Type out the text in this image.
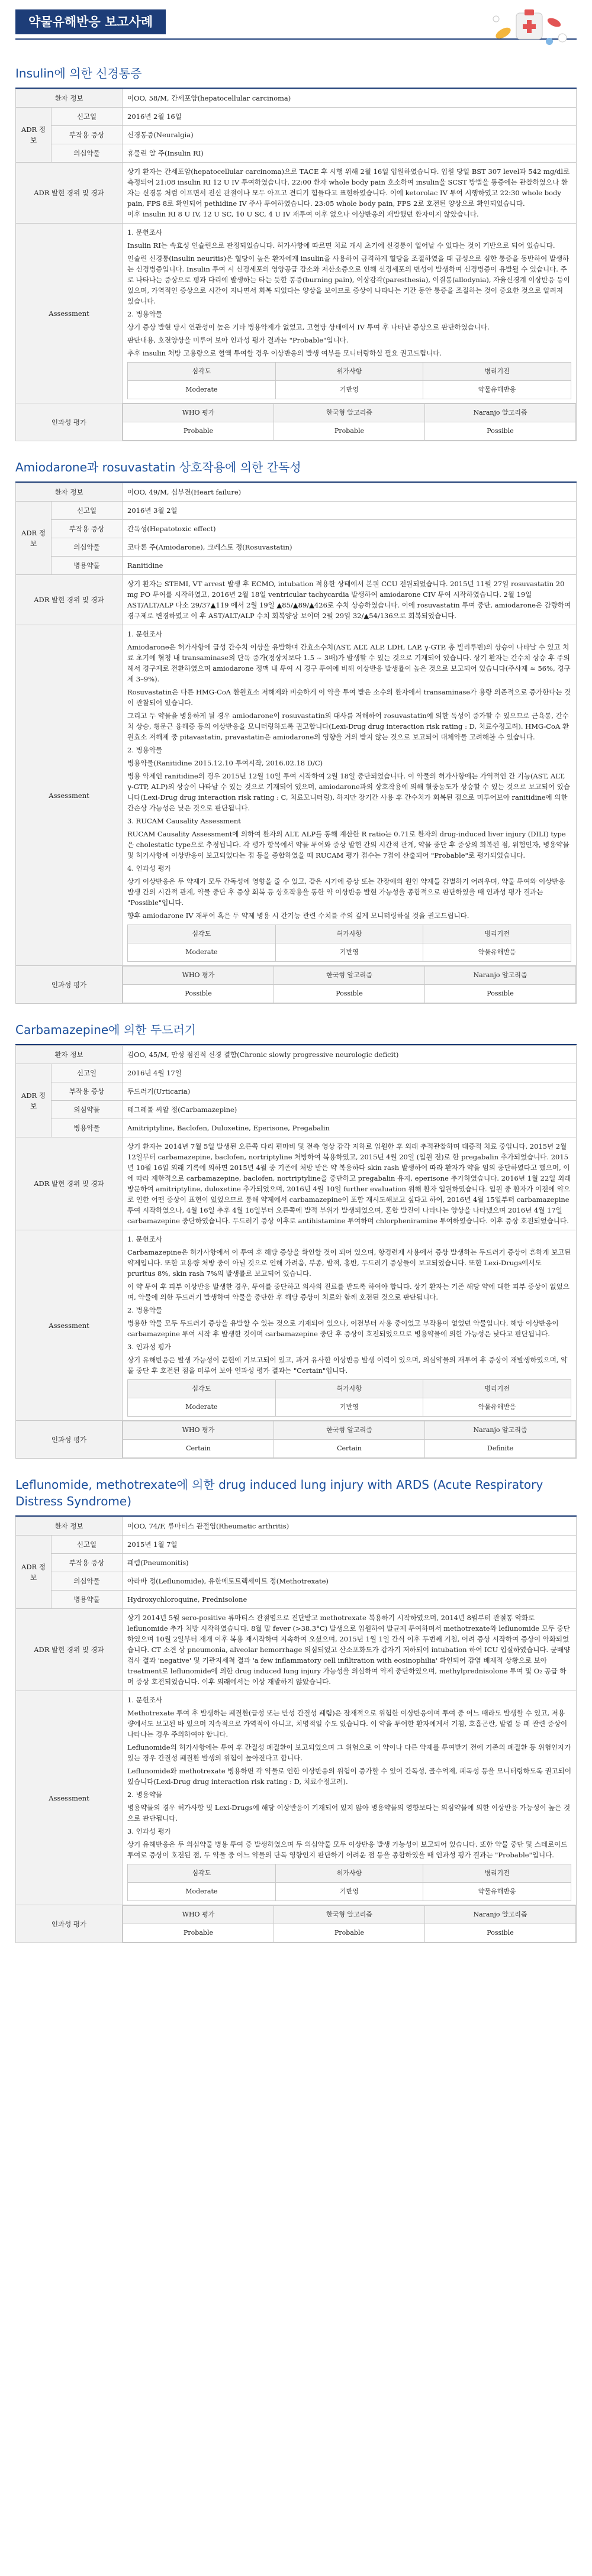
약물유해반응 보고사례
Insulin에 의한 신경통증
환자 정보	이OO, 58/M, 간세포암(hepatocellular carcinoma)
ADR 정보	신고일	2016년 2월 16일
부작용 증상	신경통증(Neuralgia)
의심약물	휴물린 알 주(Insulin RI)
ADR 발현 경위 및 경과	상기 환자는 간세포암(hepatocellular carcinoma)으로 TACE 후 시행 위해 2월 16일 입원하였습니다. 입원 당일 BST 307 level과 542 mg/dl로 측정되어 21:08 insulin RI 12 U IV 투여하였습니다. 22:00 환자 whole body pain 호소하여 insulin을 SCST 방법을 통증에는 관찰하였으나 환자는 신경통 처럼 이프면서 전신 관절이나 모두 아프고 견디기 힘들다고 표현하였습니다. 이에 ketorolac IV 투여 시행하였고 22:30 whole body pain, FPS 8로 확인되어 pethidine IV 주사 투여하였습니다. 23:05 whole body pain, FPS 2로 호전된 양상으로 확인되었습니다.
이후 insulin RI 8 U IV, 12 U SC, 10 U SC, 4 U IV 재투여 이후 없으나 이상반응의 재발했던 환자이지 않았습니다.
Assessment	

1. 문헌조사

Insulin RI는 속효성 인슐린으로 판정되었습니다. 허가사항에 따르면 치료 개시 초기에 신경통이 일어날 수 있다는 것이 기반으로 되어 있습니다.

인슐린 신경통(insulin neuritis)은 혈당이 높은 환자에게 insulin을 사용하여 급격하게 혈당을 조절하였을 때 급성으로 심한 통증을 동반하여 발생하는 신경병증입니다. Insulin 투여 시 신경세포의 영양공급 감소와 저산소증으로 인해 신경세포의 변성이 발생하여 신경병증이 유발될 수 있습니다. 주로 나타나는 증상으로 평과 다리에 발생하는 타는 듯한 통증(burning pain), 이상감각(paresthesia), 이질통(allodynia), 자율신경계 이상반응 등이 있으며, 가역적인 증상으로 시간이 지나면서 회복 되었다는 양상을 보이므로 증상이 나타나는 기간 동안 통증을 조절하는 것이 중요한 것으로 알려져 있습니다.

2. 병용약물

상기 증상 발현 당시 연관성이 높은 기타 병용약제가 없었고, 고혈당 상태에서 IV 투여 후 나타난 증상으로 판단하였습니다.

판단내용, 호전양상을 미루어 보아 인과성 평가 결과는 "Probable"입니다.

추후 insulin 처방 고용량으로 혈액 투여할 경우 이상반응의 발생 여부를 모니터링하실 필요 권고드립니다.

심각도	위가사항	병리기전
Moderate	기반영	약물유해반응

인과성 평가	
WHO 평가	한국형 알고리즘	Naranjo 알고리즘
Probable	Probable	Possible
Amiodarone과 rosuvastatin 상호작용에 의한 간독성
환자 정보	이OO, 49/M, 심부전(Heart failure)
ADR 정보	신고일	2016년 3월 2일
부작용 증상	간독성(Hepatotoxic effect)
의심약물	코다론 주(Amiodarone), 크레스토 정(Rosuvastatin)
병용약물	Ranitidine
ADR 발현 경위 및 경과	상기 환자는 STEMI, VT arrest 발생 후 ECMO, intubation 적용한 상태에서 본원 CCU 전원되었습니다. 2015년 11월 27일 rosuvastatin 20 mg PO 투여를 시작하였고, 2016년 2월 18일 ventricular tachycardia 발생하여 amiodarone CIV 투여 시작하였습니다. 2월 19일 AST/ALT/ALP 다소 29/37▲119 에서 2월 19일 ▲85/▲89/▲426로 수치 상승하였습니다. 이에 rosuvastatin 투여 중단, amiodarone은 감량하여 경구제로 변경하였고 이 후 AST/ALT/ALP 수치 회복양상 보이며 2월 29일 32/▲54/136으로 회복되었습니다.
Assessment	

1. 문헌조사

Amiodarone은 허가사항에 급성 간수치 이상을 유발하며 간효소수치(AST, ALT, ALP, LDH, LAP, γ-GTP, 총 빌리루빈)의 상승이 나타날 수 있고 치료 초기에 혈청 내 transaminase의 단독 증가(정상치보다 1.5 ~ 3배)가 발생할 수 있는 것으로 기재되어 있습니다. 상기 환자는 간수치 상승 후 주의해서 경구제로 전환하였으며 amiodarone 정맥 내 투여 시 경구 투여에 비해 이상반응 발생률이 높은 것으로 보고되어 있습니다(주사제 ≈ 56%, 경구제 3–9%).

Rosuvastatin은 다른 HMG-CoA 환원효소 저해제와 비슷하게 이 약을 투여 받은 소수의 환자에서 transaminase가 용량 의존적으로 증가한다는 것이 관찰되어 있습니다.

그리고 두 약물을 병용하게 될 경우 amiodarone이 rosuvastatin의 대사를 저해하여 rosuvastatin에 의한 독성이 증가할 수 있으므로 근육통, 간수치 상승, 횡문근 융해증 등의 이상반응을 모니터링하도록 권고합니다(Lexi-Drug drug interaction risk rating : D, 치료수정고려). HMG-CoA 환원효소 저해제 중 pitavastatin, pravastatin은 amiodarone의 영향을 거의 받지 않는 것으로 보고되어 대체약물 고려해볼 수 있습니다.

2. 병용약물

병용약물(Ranitidine 2015.12.10 투여시작, 2016.02.18 D/C)

병용 약제인 ranitidine의 경우 2015년 12월 10일 투여 시작하여 2월 18일 중단되었습니다. 이 약물의 허가사항에는 가역적인 간 기능(AST, ALT, γ-GTP, ALP)의 상승이 나타날 수 있는 것으로 기재되어 있으며, amiodarone과의 상호작용에 의해 혈중농도가 상승할 수 있는 것으로 보고되어 있습니다(Lexi-Drug drug interaction risk rating : C, 치료모니터링). 하지만 장기간 사용 후 간수치가 회복된 점으로 미루어보아 ranitidine에 의한 간손상 가능성은 낮은 것으로 판단됩니다.

3. RUCAM Causality Assessment

RUCAM Causality Assessment에 의하여 환자의 ALT, ALP를 통해 계산한 R ratio는 0.71로 환자의 drug-induced liver injury (DILI) type은 cholestatic type으로 추정됩니다. 각 평가 항목에서 약물 투여와 증상 발현 간의 시간적 관계, 약물 중단 후 증상의 회복된 점, 위험인자, 병용약물 및 허가사항에 이상반응이 보고되었다는 점 등을 종합하였을 때 RUCAM 평가 점수는 7점이 산출되어 "Probable"로 평가되었습니다.

4. 인과성 평가

상기 이상반응은 두 약제가 모두 간독성에 영향을 줄 수 있고, 같은 시기에 증상 또는 간장애의 원인 약제들 감별하기 어려우며, 약물 투여와 이상반응 발생 간의 시간적 관계, 약물 중단 후 증상 회복 등 상호작용을 통한 약 이상반응 발현 가능성을 종합적으로 판단하였을 때 인과성 평가 결과는 "Possible"입니다.

향후 amiodarone IV 재투여 혹은 두 약제 병용 시 간기능 관련 수치를 주의 깊게 모니터링하실 것을 권고드립니다.

심각도	허가사항	병리기전
Moderate	기반영	약물유해반응

인과성 평가	
WHO 평가	한국형 알고리즘	Naranjo 알고리즘
Possible	Possible	Possible
Carbamazepine에 의한 두드러기
환자 정보	김OO, 45/M, 만성 점진적 신경 결함(Chronic slowly progressive neurologic deficit)
ADR 정보	신고일	2016년 4월 17일
부작용 증상	두드러기(Urticaria)
의심약물	테그레톨 씨알 정(Carbamazepine)
병용약물	Amitriptyline, Baclofen, Duloxetine, Eperisone, Pregabalin
ADR 발현 경위 및 경과	상기 환자는 2014년 7월 5일 발생된 오른쪽 다리 편마비 및 전측 영상 감각 저하로 입원한 후 외래 추적관찰하며 대증적 치료 중입니다. 2015년 2월 12일부터 carbamazepine, baclofen, nortriptyline 처방하여 복용하였고, 2015년 4월 20일 (입원 전)로 한 pregabalin 추가되었습니다. 2015년 10월 16일 외래 기록에 의하면 2015년 4월 중 기존에 처방 받은 약 복용하다 skin rash 발생하여 따라 환자가 약을 임의 중단하였다고 했으며, 이에 따라 제한적으로 carbamazepine, baclofen, nortriptyline을 중단하고 pregabalin 유지, eperisone 추가하였습니다. 2016년 1월 22일 외래 방문하여 amitriptyline, duloxetine 추가되었으며, 2016년 4월 10일 further evaluation 위해 환자 입원하였습니다. 입원 중 환자가 이전에 약으로 인한 어떤 증상이 표현이 있었으므로 통해 약제에서 carbamazepine이 포함 재시도해보고 싶다고 하여, 2016년 4월 15일부터 carbamazepine 투여 시작하였으나, 4월 16일 추후 4월 16일부터 오른쪽에 발적 부위가 발생되었으며, 혼합 발진이 나타나는 양상을 나타냈으며 2016년 4월 17일 carbamazepine 중단하였습니다. 두드러기 증상 이후로 antihistamine 투여하며 chlorpheniramine 투여하였습니다. 이후 증상 호전되었습니다.
Assessment	

1. 문헌조사

Carbamazepine은 허가사항에서 이 투여 후 해당 증상을 확인할 것이 되어 있으며, 항경련제 사용에서 증상 발생하는 두드러기 증상이 흔하게 보고된 약제입니다. 또한 고용량 처방 중이 아닐 것으로 인해 가려움, 부종, 발적, 홍반, 두드러기 증상들이 보고되었습니다. 또한 Lexi-Drugs에서도 pruritus 8%, skin rash 7%의 발생률로 보고되어 있습니다.

이 약 투여 후 피부 이상반응 발생한 경우, 투여를 중단하고 의사의 진료를 받도록 하여야 합니다. 상기 환자는 기존 해당 약에 대한 피부 증상이 없었으며, 약물에 의한 두드러기 발생하여 약물을 중단한 후 해당 증상이 치료와 함께 호전된 것으로 판단됩니다.

2. 병용약물

병용한 약물 모두 두드러기 증상을 유발할 수 있는 것으로 기재되어 있으나, 이전부터 사용 중이었고 부작용이 없었던 약물입니다. 해당 이상반응이 carbamazepine 투여 시작 후 발생한 것이며 carbamazepine 중단 후 증상이 호전되었으므로 병용약물에 의한 가능성은 낮다고 판단됩니다.

3. 인과성 평가

상기 유해반응은 발생 가능성이 문헌에 기보고되어 있고, 과거 유사한 이상반응 발생 이력이 있으며, 의심약물의 재투여 후 증상이 재발생하였으며, 약물 중단 후 호전된 점을 미루어 보아 인과성 평가 결과는 "Certain"입니다.

심각도	허가사항	병리기전
Moderate	기반영	약물유해반응

인과성 평가	
WHO 평가	한국형 알고리즘	Naranjo 알고리즘
Certain	Certain	Definite
Leflunomide, methotrexate에 의한 drug induced lung injury with ARDS (Acute Respiratory Distress Syndrome)
환자 정보	이OO, 74/F, 류마티스 관절염(Rheumatic arthritis)
ADR 정보	신고일	2015년 1월 7일
부작용 증상	폐렴(Pneumonitis)
의심약물	아라바 정(Leflunomide), 유한메토트렉세이트 정(Methotrexate)
병용약물	Hydroxychloroquine, Prednisolone
ADR 발현 경위 및 경과	상기 2014년 5월 sero-positive 류마티스 관절염으로 진단받고 methotrexate 복용하기 시작하였으며, 2014년 8월부터 관절통 악화로 leflunomide 추가 처방 시작하였습니다. 8월 말 fever (>38.3°C) 발생으로 입원하여 발균제 투여하며서 methotrexate와 leflunomide 모두 중단하였으며 10월 2일부터 재개 이후 복용 재시작하여 지속하여 오셨으며, 2015년 1월 1일 간식 이후 두번째 기침, 어려 증상 시작하여 증상이 악화되었습니다. CT 소견 상 pneumonia, alveolar hemorrhage 의심되었고 산소포화도가 갑자기 저하되어 intubation 하여 ICU 입실하였습니다. 균배양 검사 결과 'negative' 및 기관지세척 결과 'a few inflammatory cell infiltration with eosinophilia' 확인되어 감염 배제적 상황으로 보아 treatment로 leflunomide에 의한 drug induced lung injury 가능성을 의심하여 약제 중단하였으며, methylprednisolone 투여 및 O₂ 공급 하며 증상 호전되었습니다. 이후 외래에서는 이상 재발하지 않았습니다.
Assessment	

1. 문헌조사

Methotrexate 투여 후 발생하는 폐질환(급성 또는 만성 간질성 폐렴)은 잠재적으로 위험한 이상반응이며 투여 중 어느 때라도 발생할 수 있고, 저용량에서도 보고된 바 있으며 지속적으로 가역적이 아니고, 치명적일 수도 있습니다. 이 약을 투여한 환자에게서 기침, 호흡곤란, 발열 등 폐 관련 증상이 나타나는 경우 주의하여야 합니다.

Leflunomide의 허가사항에는 투여 후 간질성 폐질환이 보고되었으며 그 위험으로 이 약이나 다른 약제를 투여받기 전에 기존의 폐질환 등 위험인자가 있는 경우 간질성 폐질환 발생의 위험이 높아진다고 합니다.

Leflunomide와 methotrexate 병용하면 각 약물로 인한 이상반응의 위험이 증가할 수 있어 간독성, 골수억제, 폐독성 등을 모니터링하도록 권고되어 있습니다(Lexi-Drug drug interaction risk rating : D, 치료수정고려).

2. 병용약물

병용약물의 경우 허가사항 및 Lexi-Drugs에 해당 이상반응이 기재되어 있지 않아 병용약물의 영향보다는 의심약물에 의한 이상반응 가능성이 높은 것으로 판단됩니다.

3. 인과성 평가

상기 유해반응은 두 의심약물 병용 투여 중 발생하였으며 두 의심약물 모두 이상반응 발생 가능성이 보고되어 있습니다. 또한 약물 중단 및 스테로이드 투여로 증상이 호전된 점, 두 약물 중 어느 약물의 단독 영향인지 판단하기 어려운 점 등을 종합하였을 때 인과성 평가 결과는 "Probable"입니다.

심각도	허가사항	병리기전
Moderate	기반영	약물유해반응

인과성 평가	
WHO 평가	한국형 알고리즘	Naranjo 알고리즘
Probable	Probable	Possible
